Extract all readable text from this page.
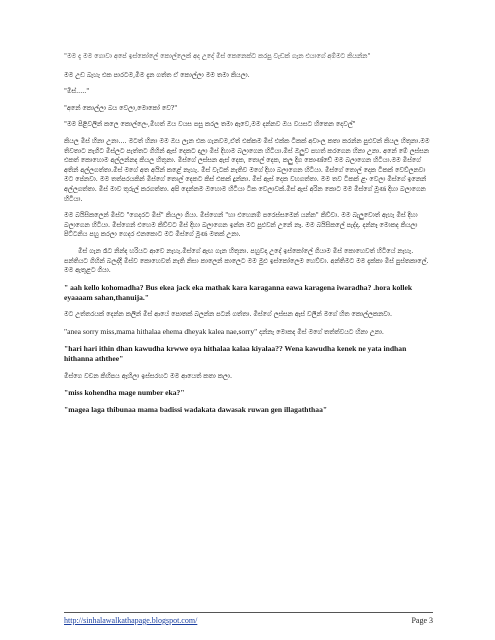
"මම දැ මම ගොවා අපේ ඉස්කෝලේ කොල්ලෙක් අද උදේ මිස් කෙනෙක්ට කරපු වැඩක් ගැන එයාගේ අම්මට කියන්න"

මම උඩ බැහැ එක පාරටම,මිම දැන ගත්ත ඒ කොල්ලා මම තමා කියලා.

"මිස්....."

"අනේ කොල්ලා බය වෙලා,මොකෝ වෙ?"

"මම පිළිවලින් කලෙ කොල්ලෙං,මිහත් ඔය වයස පසු කරල තමා ඇවෙ,මම දන්නව ඔය වයසට හිතෙන දෙවල්"

කියල මිස් හිනා උනා.... මටත් හිනා මම ඔය ලැන එක ගැනවම,ඒත් එක්කම මිස් එක්ක ටිකක් අවාංල කතා කරන්න පුළුවන් කියල හිතුනා.මම තිවතාට නැගිට මිස්ලට පැත්තට ගිහින් ඇස් දෙකට දාලා මිස් දිහාම බලාගෙන හිටියා.මිස් ඔලුව පහත් කරගෙන හිනා උනා. අනේ මේ ලස්සන එකත් කොහොම අල්ලන්නද කියල හිතුනා. මිස්ගේ ලස්සන ඇස් දෙක, තොල් දෙක, කලු දිග කොණ්ඩේ මම බලාගෙන හිටියා.මම මිස්ගේ අතින් අල්ලගත්තා.මිස් මගේ අත අයින් කළේ නැහැ. මිස් වැටක් නැතිව මගේ දිහා බලාගෙන හිටියා. මිස්ගේ තොල් දෙක ටිකක් වෙව්ලනවා මට පේනවා. මම තත්පරයකින් මිස්ගේ තොල් දෙකට කිස් එකක් දුන්නා. මිස් ඇස් දෙක වහගත්තා. මම තව ටිකක් ළං වෙලා මිස්ගේ ඉනෙන් අල්ලගත්තා. මිස් මාව තුරුල් කරගත්තා. අපි දෙන්නම ඔහොම හිටියා ටික වෙලාවක්.මිස් ඇස් අරින කොට මම මිස්ගේ මූණ දිහා බලාගෙන හිටියා.

මම බයිසිකලෙන් මිස්ට "ගෙදරට මිස්" කියලා ගියා. මිස්ගෙන් "හා එහෙනම් පරෙස්සමෙන් යන්න" කිව්වා. මම බැලුවොත් ඇහැ මිස් දිහා බලාගෙන හිටියා. මිස්ගෙන් එහෙම කිව්වට මිස් දිහා බලාගෙන ඉන්න මට පුළුවන් උනේ නෑ. මම බයිසිකලේ පැද්දා. දන්නෑ මොකද කියලා පිට්ටනිය පහු කරලා ගෙදර එනකොට මට මිස්ගේ මූණ මතක් උනා.

මිස් ගැන රෑට නින්ද හරියට ආවෙ නැහැ.මිස්ගේ ඇඟ ගැන හිතුනා. පහුවදා උදේ ඉස්කෝලේ ගියාම මිස් කොහෙවත් හිටියේ නැහැ. පන්තියට ගිහින් බලද්දී මිස්ව කොහෙවත් නැති නිසා කාලෙන් කාලෙට මම මුළු ඉස්කෝලෙම හෙව්වා. අන්තිමට මම දැක්කා මිස් පුස්තකාලේ. මම ඇතුළට ගියා.

" aah kello kohomadha? Bus ekea jack eka mathak kara karaganna eawa karagena iwaradha? .hora kollek eyaaaam sahan,thanuija."

මට උත්තරයක් දෙන්න කලින් මිස් ආයේ පොතක් බලන්න පටන් ගත්තා. මිස්ගේ ලස්සන ඇස් වලින් මගේ හිත කොල්ලකනවා.

"anea sorry miss,mama hithalaa ehema dheyak kalea nae,sorry" දන්නැ මොකද මිස් මගේ තත්ත්වයට හිනා උනා.

"hari hari ithin dhan kawudha krwwe oya hithalaa kalaa kiyalaa?? Wena kawudha kenek ne yata indhan hithanna aththee"

මිස්ගෙ වචන කිහිපය ඇහිලා ඉස්සරහට මම ආයෙත් කතා කලා.

"miss kohendha mage number eka?"

"magea laga thibunaa mama badissi wadakata dawasak ruwan gen illagaththaa"

http://sinhalawalkathapage.blogspot.com/	Page 3
